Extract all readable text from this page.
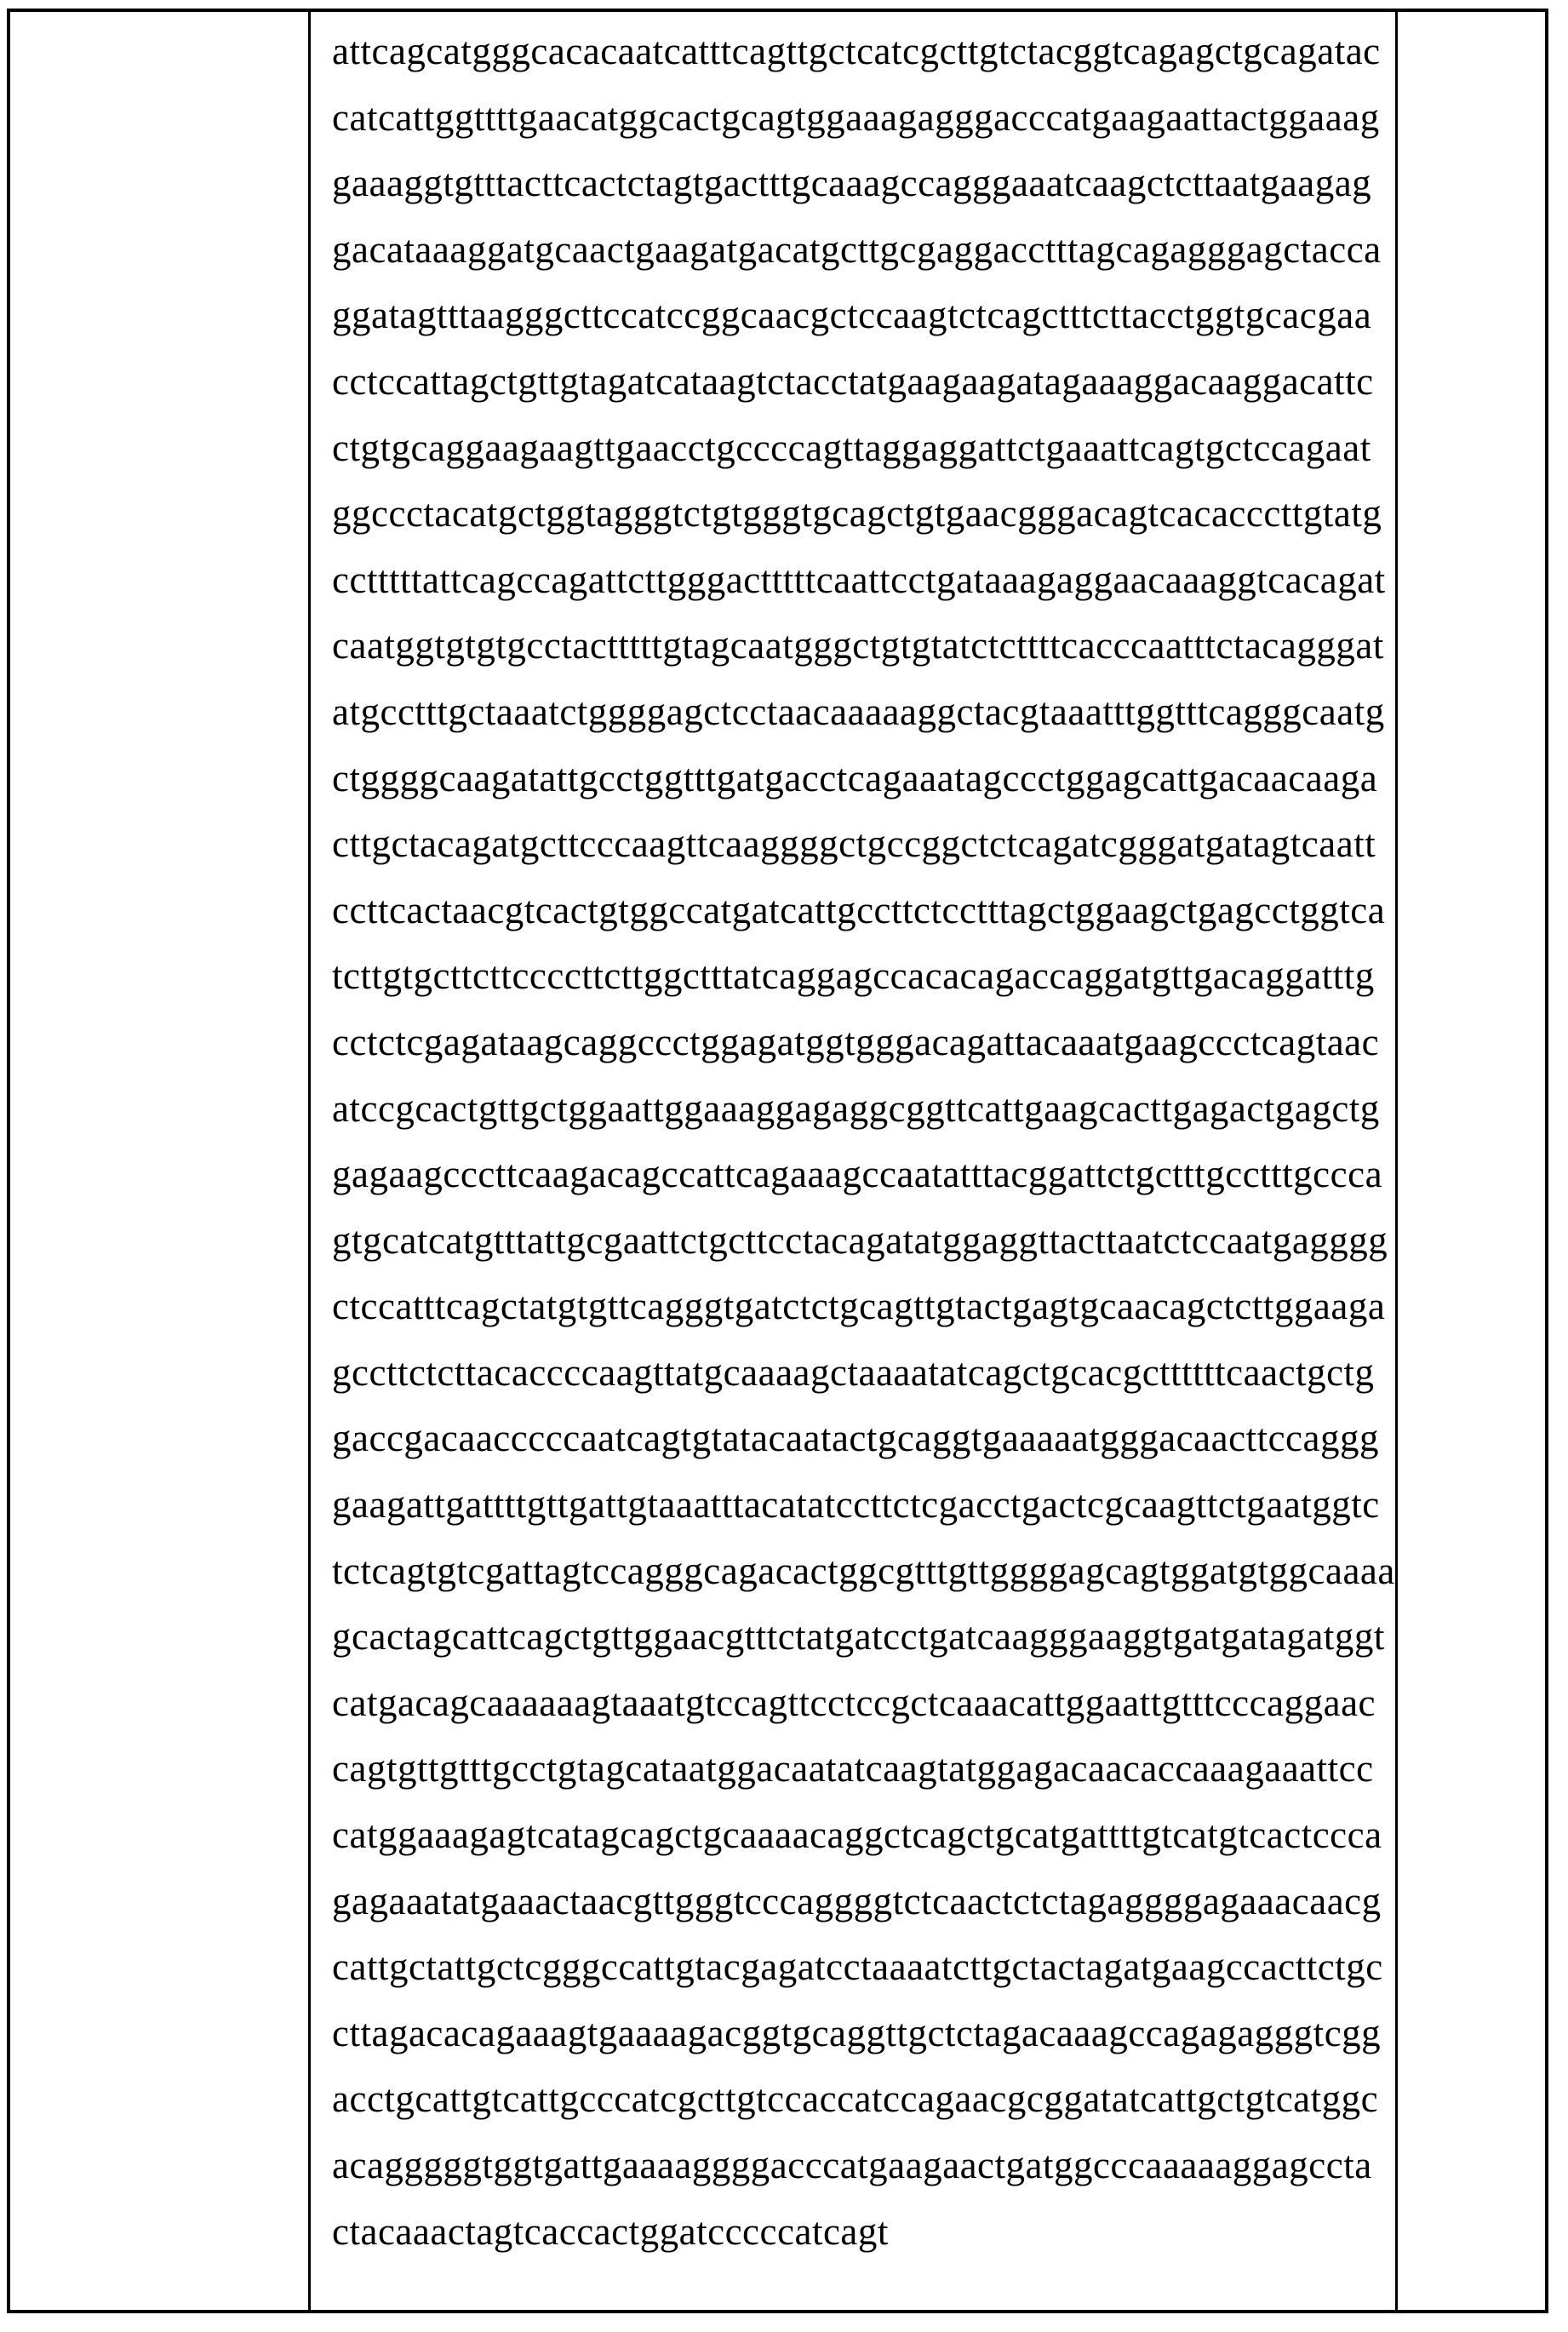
attcagcatgggcacacaatcatttcagttgctcatcgcttgtctacggtcagagctgcagatac
catcattggttttgaacatggcactgcagtggaaagagggacccatgaagaattactggaaag
gaaaggtgtttacttcactctagtgactttgcaaagccagggaaatcaagctcttaatgaagag
gacataaaggatgcaactgaagatgacatgcttgcgaggacctttagcagagggagctacca
ggatagtttaagggcttccatccggcaacgctccaagtctcagctttcttacctggtgcacgaa
cctccattagctgttgtagatcataagtctacctatgaagaagatagaaaggacaaggacattc
ctgtgcaggaagaagttgaacctgccccagttaggaggattctgaaattcagtgctccagaat
ggccctacatgctggtagggtctgtgggtgcagctgtgaacgggacagtcacacccttgtatg
cctttttattcagccagattcttgggactttttcaattcctgataaagaggaacaaaggtcacagat
caatggtgtgtgcctactttttgtagcaatgggctgtgtatctcttttcacccaatttctacagggat
atgcctttgctaaatctggggagctcctaacaaaaaggctacgtaaatttggtttcagggcaatg
ctggggcaagatattgcctggtttgatgacctcagaaatagccctggagcattgacaacaaga
cttgctacagatgcttcccaagttcaaggggctgccggctctcagatcgggatgatagtcaatt
ccttcactaacgtcactgtggccatgatcattgccttctcctttagctggaagctgagcctggtca
tcttgtgcttcttccccttcttggctttatcaggagccacacagaccaggatgttgacaggatttg
cctctcgagataagcaggccctggagatggtgggacagattacaaatgaagccctcagtaac
atccgcactgttgctggaattggaaaggagaggcggttcattgaagcacttgagactgagctg
gagaagcccttcaagacagccattcagaaagccaatatttacggattctgctttgcctttgccca
gtgcatcatgtttattgcgaattctgcttcctacagatatggaggttacttaatctccaatgagggg
ctccatttcagctatgtgttcagggtgatctctgcagttgtactgagtgcaacagctcttggaaga
gccttctcttacaccccaagttatgcaaaagctaaaatatcagctgcacgcttttttcaactgctg
gaccgacaacccccaatcagtgtatacaatactgcaggtgaaaaatgggacaacttccaggg
gaagattgattttgttgattgtaaatttacatatccttctcgacctgactcgcaagttctgaatggtc
tctcagtgtcgattagtccagggcagacactggcgtttgttggggagcagtggatgtggcaaaa
gcactagcattcagctgttggaacgtttctatgatcctgatcaagggaaggtgatgatagatggt
catgacagcaaaaaagtaaatgtccagttcctccgctcaaacattggaattgtttcccaggaac
cagtgttgtttgcctgtagcataatggacaatatcaagtatggagacaacaccaaagaaattcc
catggaaagagtcatagcagctgcaaaacaggctcagctgcatgattttgtcatgtcactccca
gagaaatatgaaactaacgttgggtcccaggggtctcaactctctagaggggagaaacaacg
cattgctattgctcgggccattgtacgagatcctaaaatcttgctactagatgaagccacttctgc
cttagacacagaaagtgaaaagacggtgcaggttgctctagacaaagccagagagggtcgg
acctgcattgtcattgcccatcgcttgtccaccatccagaacgcggatatcattgctgtcatggc
acagggggtggtgattgaaaaggggacccatgaagaactgatggcccaaaaaggagccta
ctacaaactagtcaccactggatcccccatcagt
